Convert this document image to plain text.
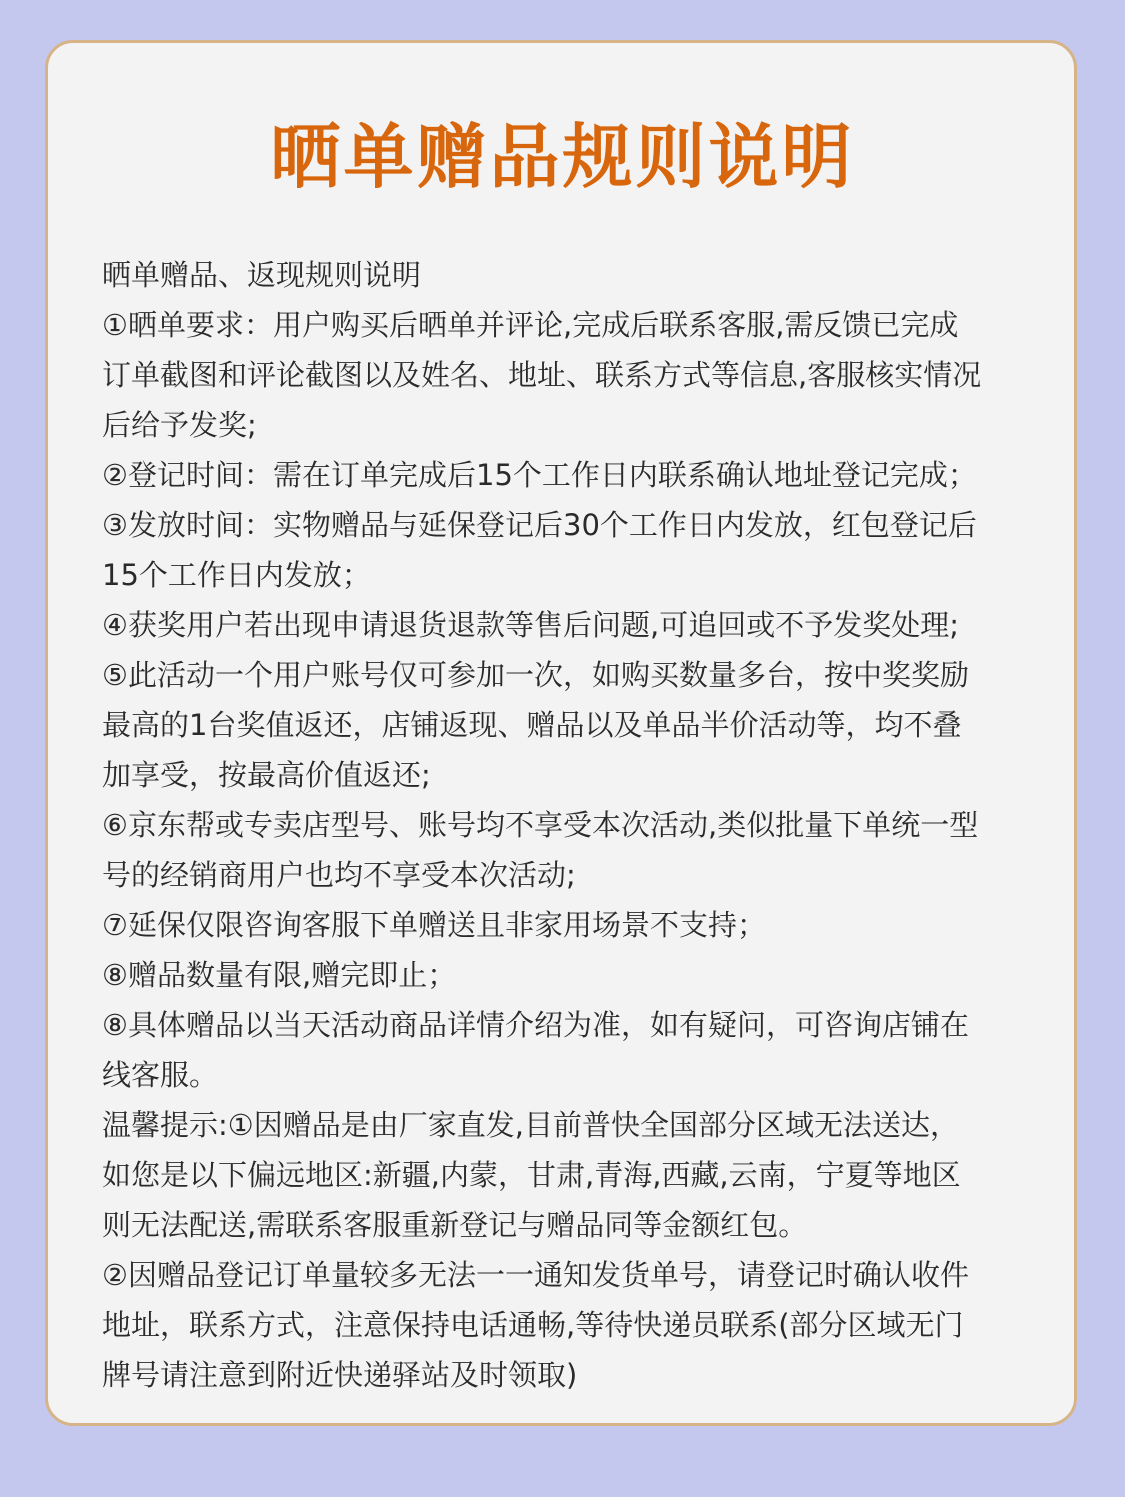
晒单赠品规则说明
晒单赠品、返现规则说明
①晒单要求：用户购买后晒单并评论,完成后联系客服,需反馈已完成
订单截图和评论截图以及姓名、地址、联系方式等信息,客服核实情况
后给予发奖;
②登记时间：需在订单完成后15个工作日内联系确认地址登记完成；
③发放时间：实物赠品与延保登记后30个工作日内发放，红包登记后
15个工作日内发放；
④获奖用户若出现申请退货退款等售后问题,可追回或不予发奖处理;
⑤此活动一个用户账号仅可参加一次，如购买数量多台，按中奖奖励
最高的1台奖值返还，店铺返现、赠品以及单品半价活动等，均不叠
加享受，按最高价值返还;
⑥京东帮或专卖店型号、账号均不享受本次活动,类似批量下单统一型
号的经销商用户也均不享受本次活动;
⑦延保仅限咨询客服下单赠送且非家用场景不支持；
⑧赠品数量有限,赠完即止；
⑧具体赠品以当天活动商品详情介绍为准，如有疑问，可咨询店铺在
线客服。
温馨提示:①因赠品是由厂家直发,目前普快全国部分区域无法送达，
如您是以下偏远地区:新疆,内蒙，甘肃,青海,西藏,云南，宁夏等地区
则无法配送,需联系客服重新登记与赠品同等金额红包。
②因赠品登记订单量较多无法一一通知发货单号，请登记时确认收件
地址，联系方式，注意保持电话通畅,等待快递员联系(部分区域无门
牌号请注意到附近快递驿站及时领取)
